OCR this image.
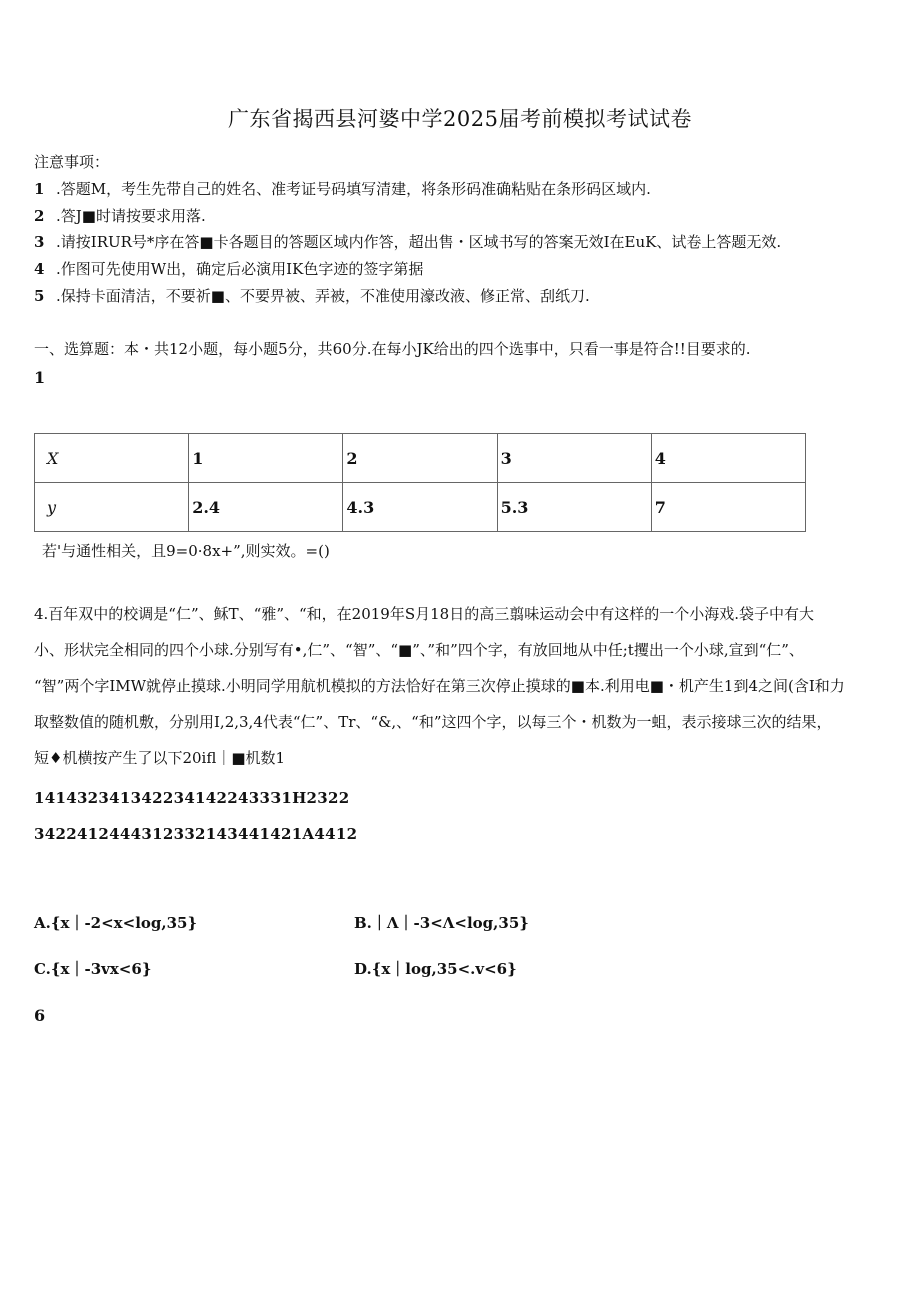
广东省揭西县河婆中学2025届考前模拟考试试卷
注意事项：
1 .答题M，考生先带自己的姓名、准考证号码填写清建，将条形码准确粘贴在条形码区域内.
2 .答J■时请按要求用落.
3 .请按IRUR号*序在答■卡各题目的答题区域内作答，超出售・区域书写的答案无效I在EuK、试卷上答题无效.
4 .作图可先使用W出，确定后必演用IK色字迹的签字第据
5 .保持卡面清洁，不要祈■、不要畀被、弄被，不准使用濠改液、修正常、刮纸刀.
一、选算题：本・共12小题，每小题5分，共60分.在每小JK给出的四个选事中，只看一事是符合!!目要求的.
1
X	1	2	3	4
y	2.4	4.3	5.3	7
若'与通性相关，且9=0·8x+”,则实效。=()
4.百年双中的校调是“仁”、稣T、“雅”、“和，在2019年S月18日的高三翦味运动会中有这样的一个小海戏.袋子中有大
小、形状完全相同的四个小球.分别写有•,仁”、“智”、“■”、”和”四个字，有放回地从中任;t攫出一个小球,宣到“仁”、
“智”两个字IMW就停止摸球.小明同学用航机模拟的方法恰好在第三次停止摸球的■本.利用电■・机产生1到4之间(含I和力
取整数值的随机敷，分别用I,2,3,4代表“仁”、Tr、“&,、“和”这四个字，以每三个・机数为一蛆，表示接球三次的结果，
短♦机横按产生了以下20ifl｜■机数1
1414323413422341422433З1H2322
3422412444312332143441421A4412
A.{x｜-2<x<log,35}	B.｜Λ｜-3<Λ<log,35}
C.{x｜-3vx<6}	D.{x｜log,35<.v<6}
6
